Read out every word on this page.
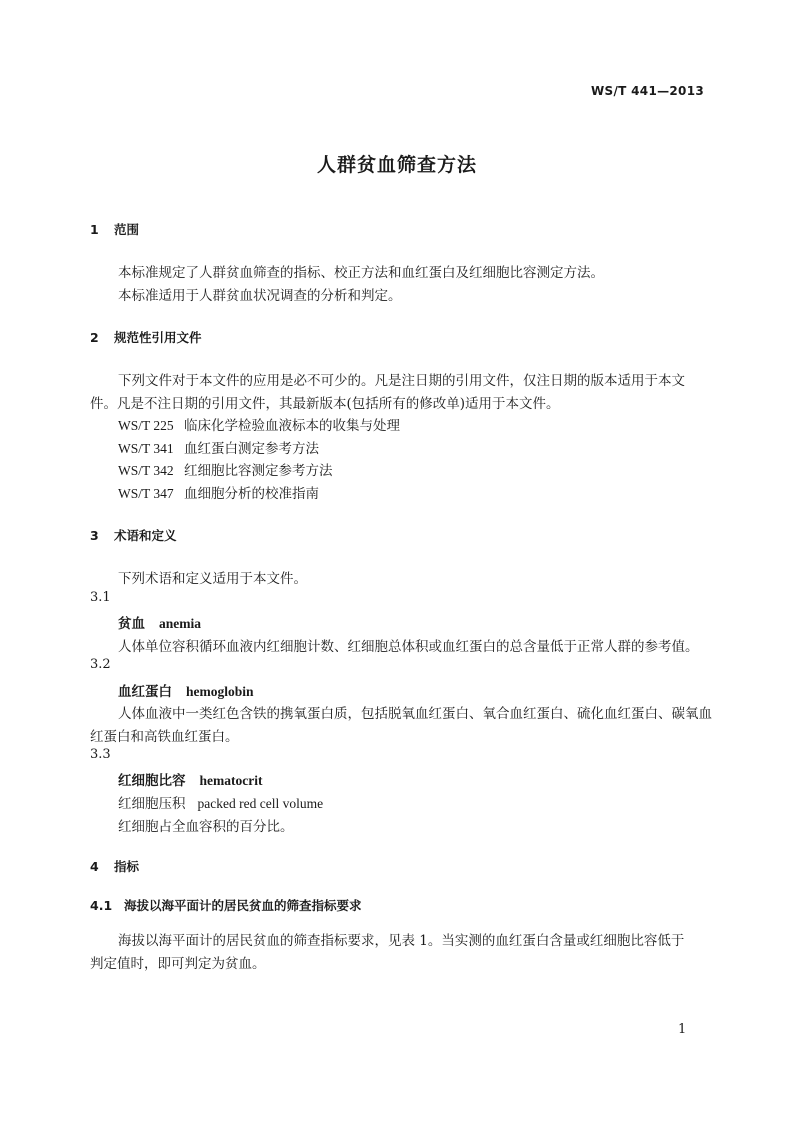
WS/T 441—2013
人群贫血筛查方法
1 范围
本标准规定了人群贫血筛查的指标、校正方法和血红蛋白及红细胞比容测定方法。
本标准适用于人群贫血状况调查的分析和判定。
2 规范性引用文件
下列文件对于本文件的应用是必不可少的。凡是注日期的引用文件，仅注日期的版本适用于本文
件。凡是不注日期的引用文件，其最新版本(包括所有的修改单)适用于本文件。
WS/T 225 临床化学检验血液标本的收集与处理
WS/T 341 血红蛋白测定参考方法
WS/T 342 红细胞比容测定参考方法
WS/T 347 血细胞分析的校准指南
3 术语和定义
下列术语和定义适用于本文件。
3.1
贫血 anemia
人体单位容积循环血液内红细胞计数、红细胞总体积或血红蛋白的总含量低于正常人群的参考值。
3.2
血红蛋白 hemoglobin
人体血液中一类红色含铁的携氧蛋白质，包括脱氧血红蛋白、氧合血红蛋白、硫化血红蛋白、碳氧血
红蛋白和高铁血红蛋白。
3.3
红细胞比容 hematocrit
红细胞压积 packed red cell volume
红细胞占全血容积的百分比。
4 指标
4.1 海拔以海平面计的居民贫血的筛查指标要求
海拔以海平面计的居民贫血的筛查指标要求，见表 1。当实测的血红蛋白含量或红细胞比容低于
判定值时，即可判定为贫血。
1
